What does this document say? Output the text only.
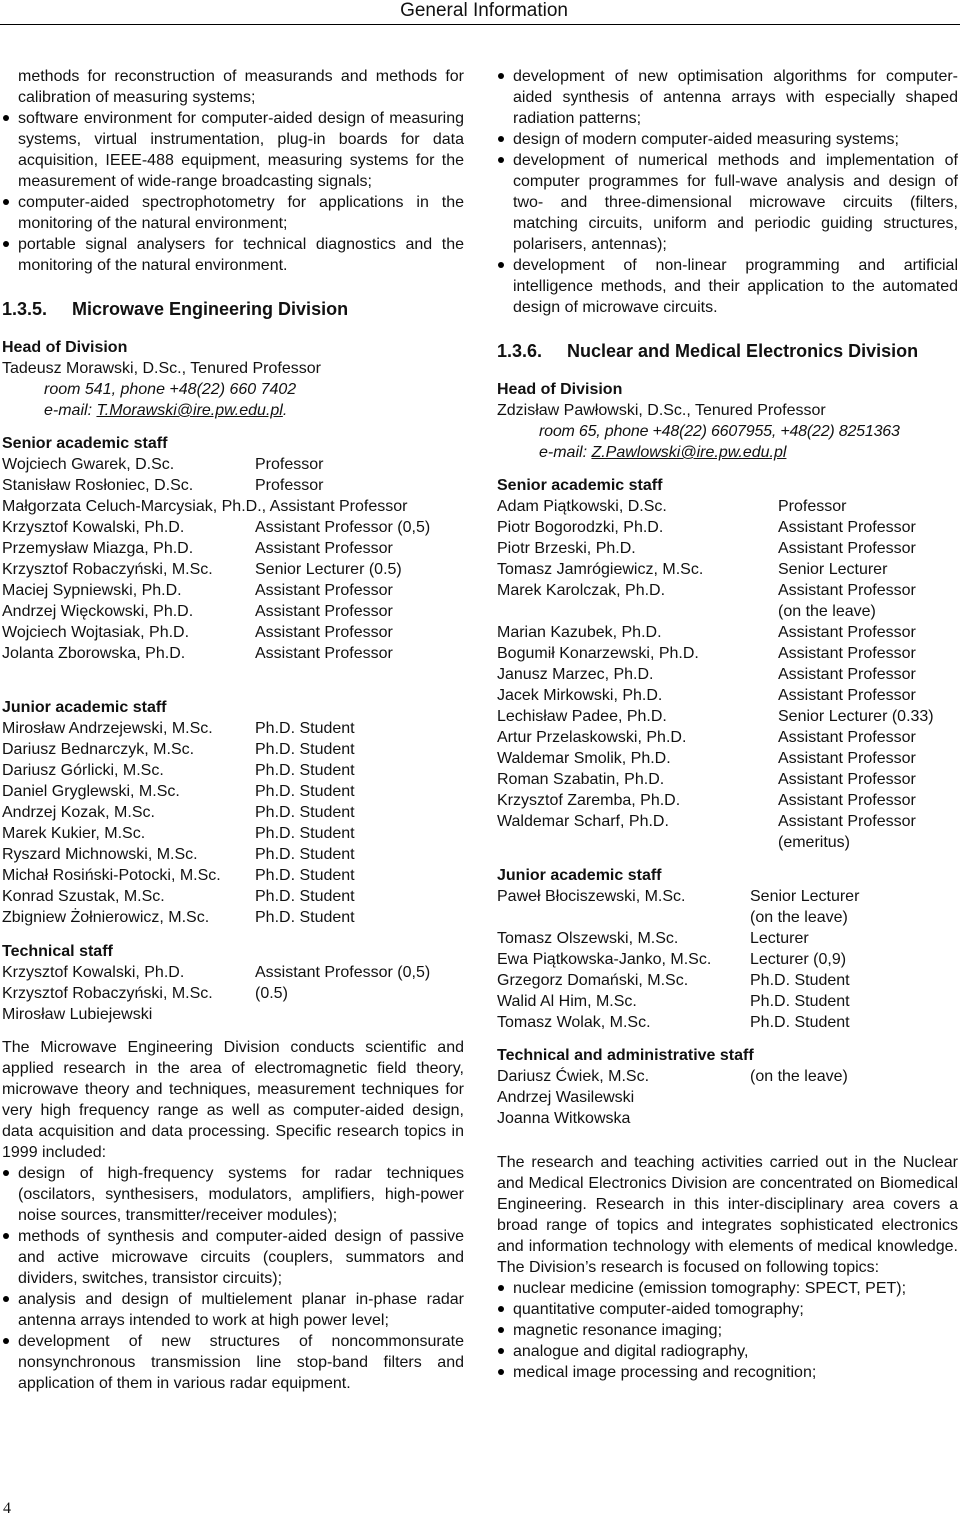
General Information

methods for reconstruction of measurands and methods for calibration of measuring systems;

software environment for computer-aided design of measuring systems, virtual instrumentation, plug-in boards for data acquisition, IEEE-488 equipment, measuring systems for the measurement of wide-range broadcasting signals;
computer-aided spectrophotometry for applications in the monitoring of the natural environment;
portable signal analysers for technical diagnostics and the monitoring of the natural environment.
1.3.5. Microwave Engineering Division
Head of Division
Tadeusz Morawski, D.Sc., Tenured Professor
room 541, phone +48(22) 660 7402
e-mail: T.Morawski@ire.pw.edu.pl.
Senior academic staff
Wojciech Gwarek, D.Sc.	Professor
Stanisław Rosłoniec, D.Sc.	Professor
Małgorzata Celuch-Marcysiak, Ph.D., Assistant Professor
Krzysztof Kowalski, Ph.D.	Assistant Professor (0,5)
Przemysław Miazga, Ph.D.	Assistant Professor
Krzysztof Robaczyński, M.Sc.	Senior Lecturer (0.5)
Maciej Sypniewski, Ph.D.	Assistant Professor
Andrzej Więckowski, Ph.D.	Assistant Professor
Wojciech Wojtasiak, Ph.D.	Assistant Professor
Jolanta Zborowska, Ph.D.	Assistant Professor
Junior academic staff
Mirosław Andrzejewski, M.Sc.	Ph.D. Student
Dariusz Bednarczyk, M.Sc.	Ph.D. Student
Dariusz Górlicki, M.Sc.	Ph.D. Student
Daniel Gryglewski, M.Sc.	Ph.D. Student
Andrzej Kozak, M.Sc.	Ph.D. Student
Marek Kukier, M.Sc.	Ph.D. Student
Ryszard Michnowski, M.Sc.	Ph.D. Student
Michał Rosiński-Potocki, M.Sc.	Ph.D. Student
Konrad Szustak, M.Sc.	Ph.D. Student
Zbigniew Żołnierowicz, M.Sc.	Ph.D. Student
Technical staff
Krzysztof Kowalski, Ph.D.	Assistant Professor (0,5)
Krzysztof Robaczyński, M.Sc.	(0.5)
Mirosław Lubiejewski

The Microwave Engineering Division conducts scientific and applied research in the area of electromagnetic field theory, microwave theory and techniques, measurement techniques for very high frequency range as well as computer-aided design, data acquisition and data processing. Specific research topics in 1999 included:

design of high-frequency systems for radar techniques (oscilators, synthesisers, modulators, amplifiers, high-power noise sources, transmitter/receiver modules);
methods of synthesis and computer-aided design of passive and active microwave circuits (couplers, summators and dividers, switches, transistor circuits);
analysis and design of multielement planar in-phase radar antenna arrays intended to work at high power level;
development of new structures of noncommonsurate nonsynchronous transmission line stop-band filters and application of them in various radar equipment.
development of new optimisation algorithms for computer-aided synthesis of antenna arrays with especially shaped radiation patterns;
design of modern computer-aided measuring systems;
development of numerical methods and implementation of computer programmes for full-wave analysis and design of two- and three-dimensional microwave circuits (filters, matching circuits, uniform and periodic guiding structures, polarisers, antennas);
development of non-linear programming and artificial intelligence methods, and their application to the automated design of microwave circuits.
1.3.6. Nuclear and Medical Electronics Division
Head of Division
Zdzisław Pawłowski, D.Sc., Tenured Professor
room 65, phone +48(22) 6607955, +48(22) 8251363
e-mail: Z.Pawlowski@ire.pw.edu.pl
Senior academic staff
Adam Piątkowski, D.Sc.	Professor
Piotr Bogorodzki, Ph.D.	Assistant Professor
Piotr Brzeski, Ph.D.	Assistant Professor
Tomasz Jamrógiewicz, M.Sc.	Senior Lecturer
Marek Karolczak, Ph.D.	Assistant Professor
(on the leave)
Marian Kazubek, Ph.D.	Assistant Professor
Bogumił Konarzewski, Ph.D.	Assistant Professor
Janusz Marzec, Ph.D.	Assistant Professor
Jacek Mirkowski, Ph.D.	Assistant Professor
Lechisław Padee, Ph.D.	Senior Lecturer (0.33)
Artur Przelaskowski, Ph.D.	Assistant Professor
Waldemar Smolik, Ph.D.	Assistant Professor
Roman Szabatin, Ph.D.	Assistant Professor
Krzysztof Zaremba, Ph.D.	Assistant Professor
Waldemar Scharf, Ph.D.	Assistant Professor
(emeritus)
Junior academic staff
Paweł Błociszewski, M.Sc.	Senior Lecturer
(on the leave)
Tomasz Olszewski, M.Sc.	Lecturer
Ewa Piątkowska-Janko, M.Sc.	Lecturer (0,9)
Grzegorz Domański, M.Sc.	Ph.D. Student
Walid Al Him, M.Sc.	Ph.D. Student
Tomasz Wolak, M.Sc.	Ph.D. Student
Technical and administrative staff
Dariusz Ćwiek, M.Sc.	(on the leave)
Andrzej Wasilewski
Joanna Witkowska

The research and teaching activities carried out in the Nuclear and Medical Electronics Division are concentrated on Biomedical Engineering. Research in this inter-disciplinary area covers a broad range of topics and integrates sophisticated electronics and information technology with elements of medical knowledge. The Division’s research is focused on following topics:

nuclear medicine (emission tomography: SPECT, PET);
quantitative computer-aided tomography;
magnetic resonance imaging;
analogue and digital radiography,
medical image processing and recognition;
4
